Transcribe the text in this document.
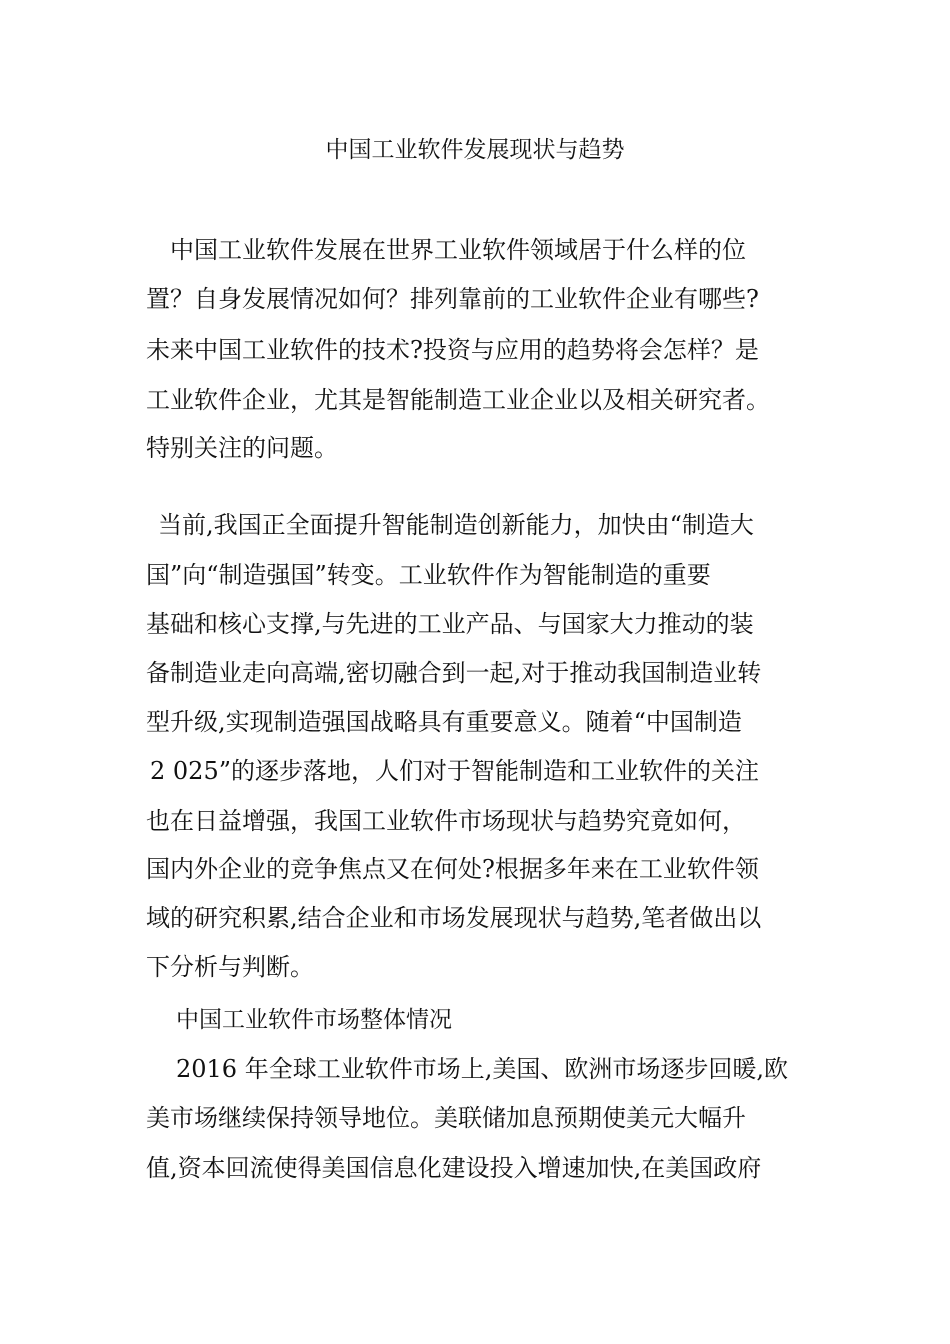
中国工业软件发展现状与趋势
中国工业软件发展在世界工业软件领域居于什么样的位
置？自身发展情况如何？排列靠前的工业软件企业有哪些?
未来中国工业软件的技术?投资与应用的趋势将会怎样？是
工业软件企业，尤其是智能制造工业企业以及相关研究者。
特别关注的问题。
当前,我国正全面提升智能制造创新能力，加快由“制造大
国”向“制造强国”转变。工业软件作为智能制造的重要
基础和核心支撑,与先进的工业产品、与国家大力推动的装
备制造业走向高端,密切融合到一起,对于推动我国制造业转
型升级,实现制造强国战略具有重要意义。随着“中国制造
2 025”的逐步落地，人们对于智能制造和工业软件的关注
也在日益增强，我国工业软件市场现状与趋势究竟如何，
国内外企业的竞争焦点又在何处?根据多年来在工业软件领
域的研究积累,结合企业和市场发展现状与趋势,笔者做出以
下分析与判断。
中国工业软件市场整体情况
2016 年全球工业软件市场上,美国、欧洲市场逐步回暖,欧
美市场继续保持领导地位。美联储加息预期使美元大幅升
值,资本回流使得美国信息化建设投入增速加快,在美国政府
